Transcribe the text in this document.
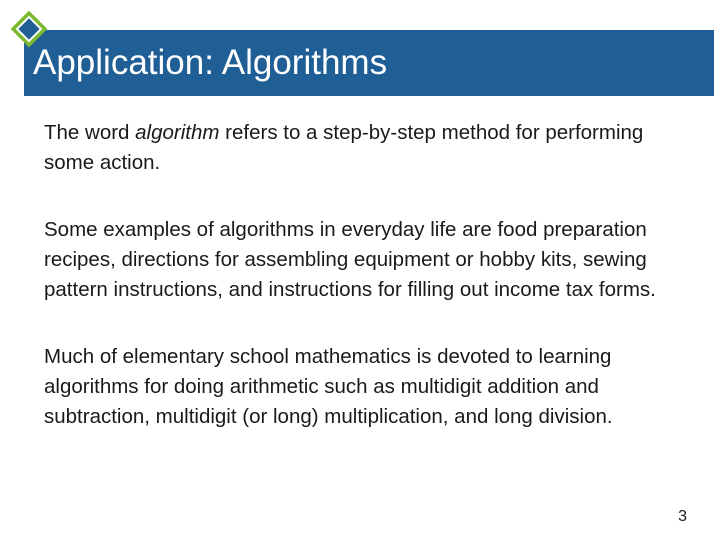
Application: Algorithms

The word algorithm refers to a step-by-step method for performing some action.

Some examples of algorithms in everyday life are food preparation recipes, directions for assembling equipment or hobby kits, sewing pattern instructions, and instructions for filling out income tax forms.

Much of elementary school mathematics is devoted to learning algorithms for doing arithmetic such as multidigit addition and subtraction, multidigit (or long) multiplication, and long division.

3
